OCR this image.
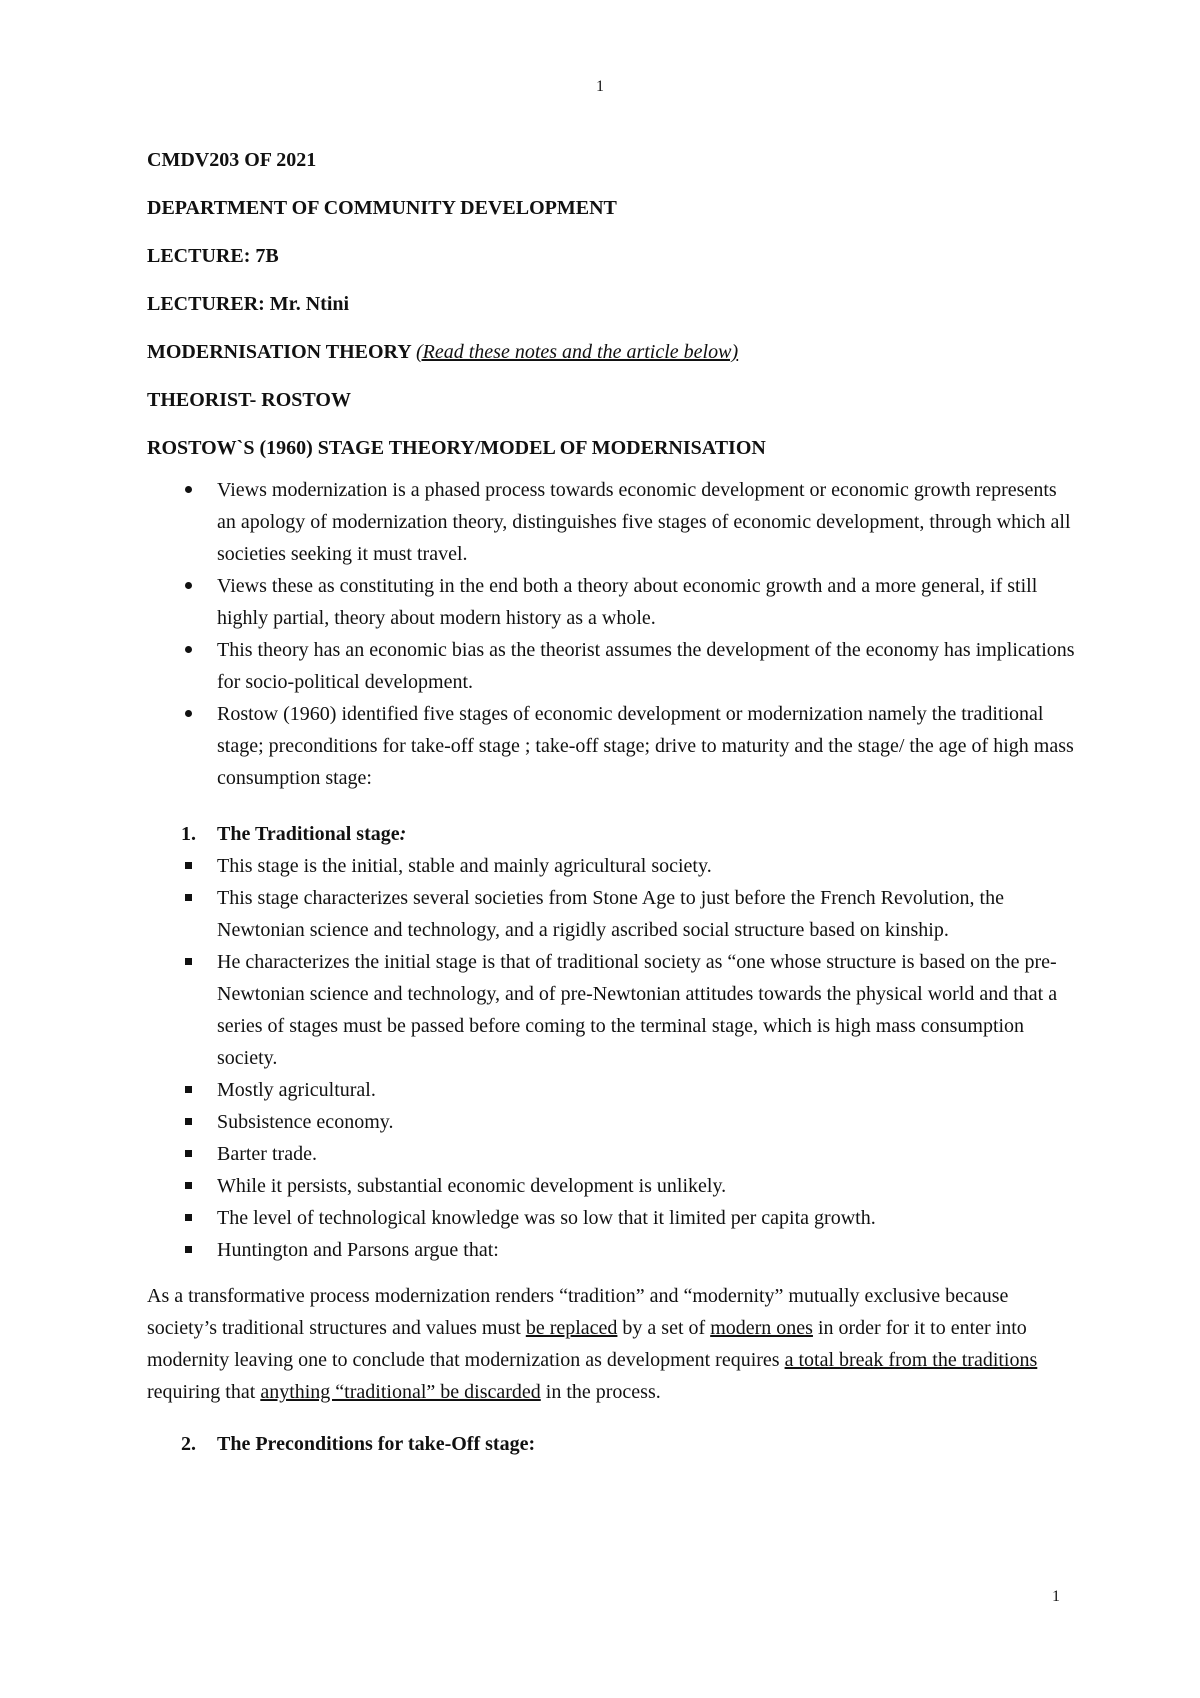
1

CMDV203 OF 2021

DEPARTMENT OF COMMUNITY DEVELOPMENT

LECTURE: 7B

LECTURER: Mr. Ntini

MODERNISATION THEORY (Read these notes and the article below)

THEORIST- ROSTOW

ROSTOW`S (1960) STAGE THEORY/MODEL OF MODERNISATION

Views modernization is a phased process towards economic development or economic growth represents an apology of modernization theory, distinguishes five stages of economic development, through which all societies seeking it must travel.
Views these as constituting in the end both a theory about economic growth and a more general, if still highly partial, theory about modern history as a whole.
This theory has an economic bias as the theorist assumes the development of the economy has implications for socio-political development.
Rostow (1960) identified five stages of economic development or modernization namely the traditional stage; preconditions for take-off stage ; take-off stage; drive to maturity and the stage/ the age of high mass consumption stage:

1. The Traditional stage:

This stage is the initial, stable and mainly agricultural society.
This stage characterizes several societies from Stone Age to just before the French Revolution, the Newtonian science and technology, and a rigidly ascribed social structure based on kinship.
He characterizes the initial stage is that of traditional society as “one whose structure is based on the pre-Newtonian science and technology, and of pre-Newtonian attitudes towards the physical world and that a series of stages must be passed before coming to the terminal stage, which is high mass consumption society.
Mostly agricultural.
Subsistence economy.
Barter trade.
While it persists, substantial economic development is unlikely.
The level of technological knowledge was so low that it limited per capita growth.
Huntington and Parsons argue that:

As a transformative process modernization renders “tradition” and “modernity” mutually exclusive because society’s traditional structures and values must be replaced by a set of modern ones in order for it to enter into modernity leaving one to conclude that modernization as development requires a total break from the traditions requiring that anything “traditional” be discarded in the process.

2. The Preconditions for take-Off stage:

1
